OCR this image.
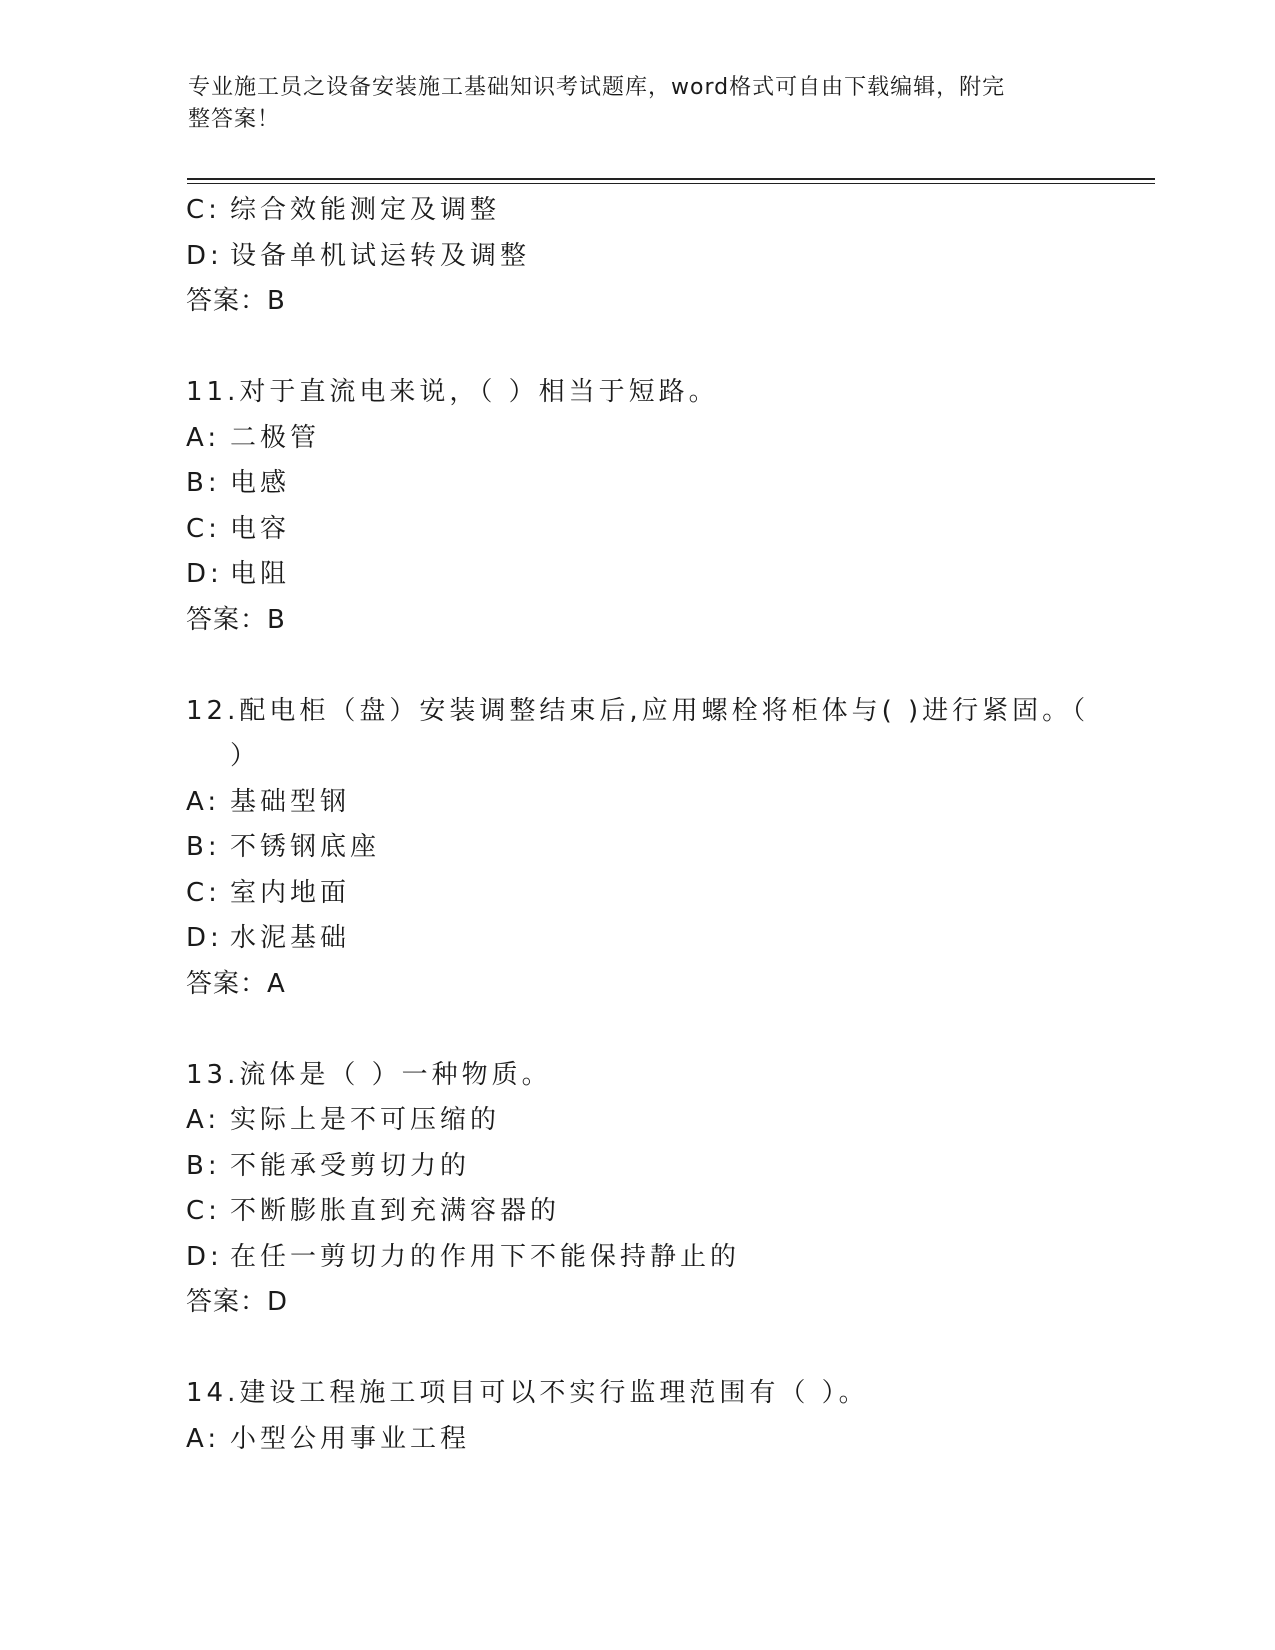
专业施工员之设备安装施工基础知识考试题库，word格式可自由下载编辑，附完
整答案！
C: 综合效能测定及调整
D: 设备单机试运转及调整
答案：B
11. 对于直流电来说，（ ）相当于短路。
A: 二极管
B: 电感
C: 电容
D: 电阻
答案：B
12. 配电柜（盘）安装调整结束后,应用螺栓将柜体与( )进行紧固。（
）
A: 基础型钢
B: 不锈钢底座
C: 室内地面
D: 水泥基础
答案：A
13. 流体是（ ）一种物质。
A: 实际上是不可压缩的
B: 不能承受剪切力的
C: 不断膨胀直到充满容器的
D: 在任一剪切力的作用下不能保持静止的
答案：D
14. 建设工程施工项目可以不实行监理范围有（ ）。
A: 小型公用事业工程
